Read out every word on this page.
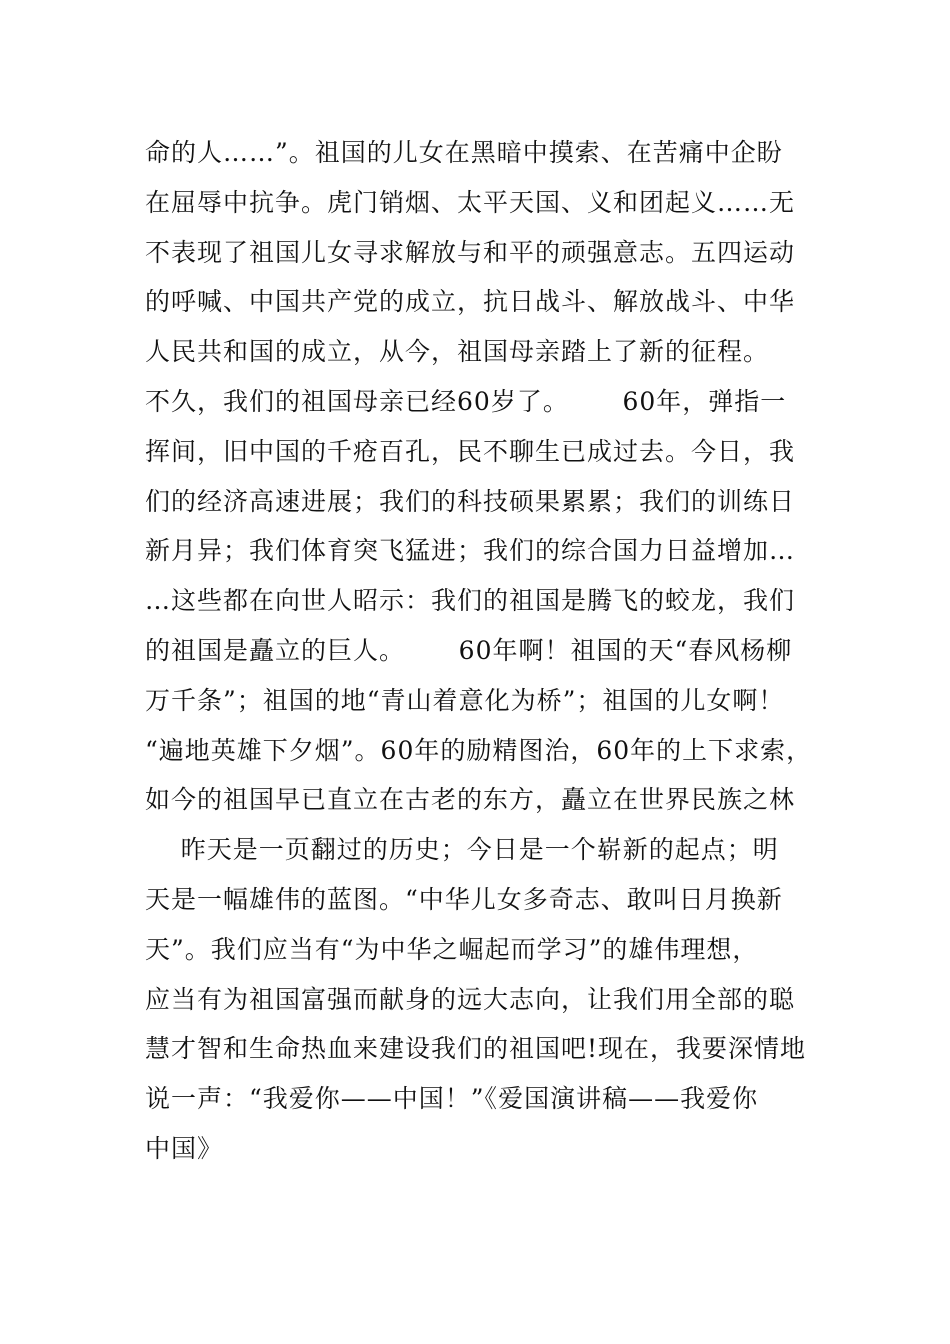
命的人……”。祖国的儿女在黑暗中摸索、在苦痛中企盼
在屈辱中抗争。虎门销烟、太平天国、义和团起义……无
不表现了祖国儿女寻求解放与和平的顽强意志。五四运动
的呼喊、中国共产党的成立，抗日战斗、解放战斗、中华
人民共和国的成立，从今，祖国母亲踏上了新的征程。
不久，我们的祖国母亲已经60岁了。      60年，弹指一
挥间，旧中国的千疮百孔，民不聊生已成过去。今日，我
们的经济高速进展；我们的科技硕果累累；我们的训练日
新月异；我们体育突飞猛进；我们的综合国力日益增加…
…这些都在向世人昭示：我们的祖国是腾飞的蛟龙，我们
的祖国是矗立的巨人。      60年啊！祖国的天“春风杨柳
万千条”；祖国的地“青山着意化为桥”；祖国的儿女啊！
“遍地英雄下夕烟”。60年的励精图治，60年的上下求索，
如今的祖国早已直立在古老的东方，矗立在世界民族之林
昨天是一页翻过的历史；今日是一个崭新的起点；明
天是一幅雄伟的蓝图。“中华儿女多奇志、敢叫日月换新
天”。我们应当有“为中华之崛起而学习”的雄伟理想，
应当有为祖国富强而献身的远大志向，让我们用全部的聪
慧才智和生命热血来建设我们的祖国吧!现在，我要深情地
说一声：“我爱你——中国！”《爱国演讲稿——我爱你
中国》
